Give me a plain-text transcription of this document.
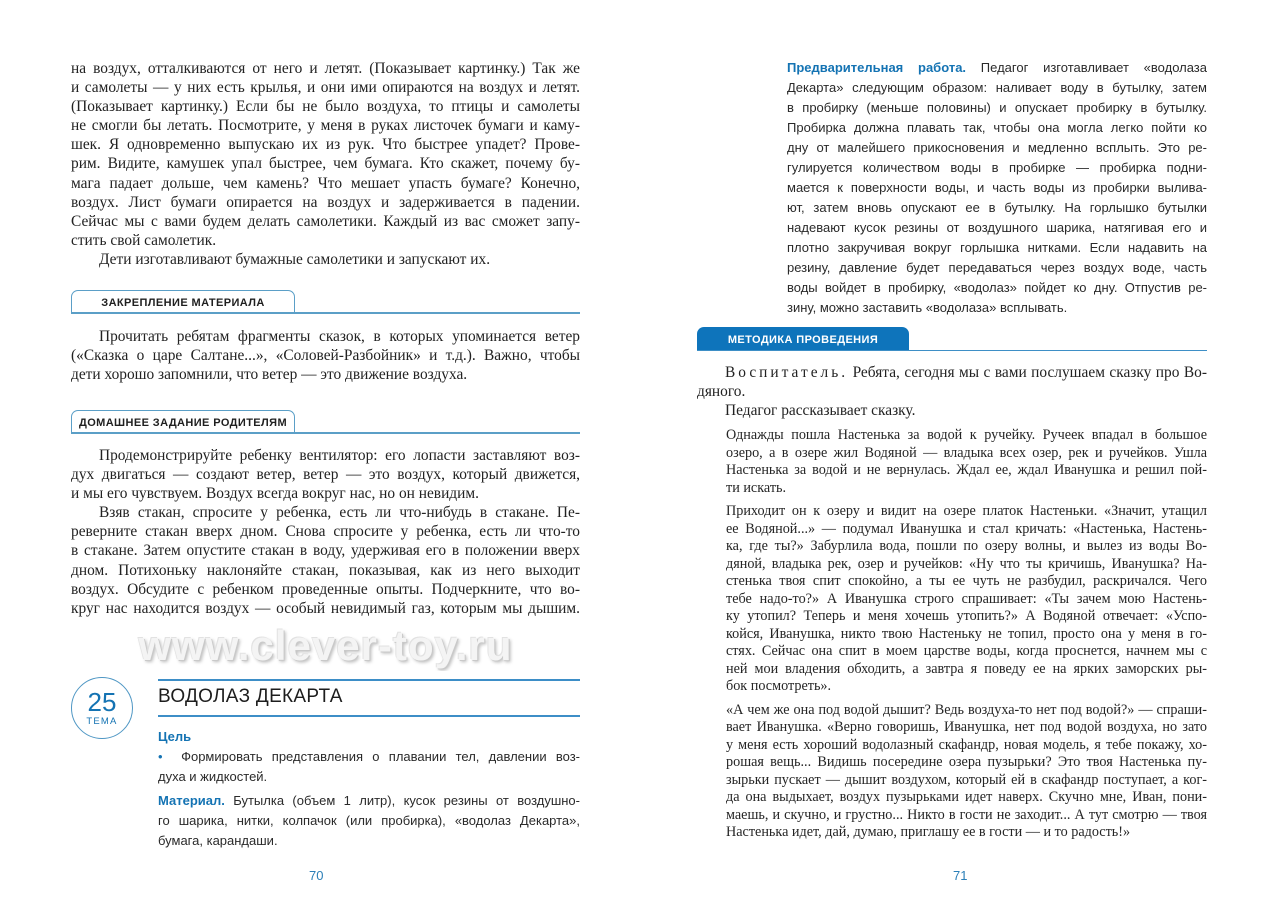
на воздух, отталкиваются от него и летят. (Показывает картинку.) Так же
и самолеты — у них есть крылья, и они ими опираются на воздух и летят.
(Показывает картинку.) Если бы не было воздуха, то птицы и самолеты
не смогли бы летать. Посмотрите, у меня в руках листочек бумаги и каму-
шек. Я одновременно выпускаю их из рук. Что быстрее упадет? Прове-
рим. Видите, камушек упал быстрее, чем бумага. Кто скажет, почему бу-
мага падает дольше, чем камень? Что мешает упасть бумаге? Конечно,
воздух. Лист бумаги опирается на воздух и задерживается в падении.
Сейчас мы с вами будем делать самолетики. Каждый из вас сможет запу-
стить свой самолетик.
Дети изготавливают бумажные самолетики и запускают их.
ЗАКРЕПЛЕНИЕ МАТЕРИАЛА
Прочитать ребятам фрагменты сказок, в которых упоминается ветер
(«Сказка о царе Салтане...», «Соловей-Разбойник» и т.д.). Важно, чтобы
дети хорошо запомнили, что ветер — это движение воздуха.
ДОМАШНЕЕ ЗАДАНИЕ РОДИТЕЛЯМ
Продемонстрируйте ребенку вентилятор: его лопасти заставляют воз-
дух двигаться — создают ветер, ветер — это воздух, который движется,
и мы его чувствуем. Воздух всегда вокруг нас, но он невидим.
Взяв стакан, спросите у ребенка, есть ли что-нибудь в стакане. Пе-
реверните стакан вверх дном. Снова спросите у ребенка, есть ли что-то
в стакане. Затем опустите стакан в воду, удерживая его в положении вверх
дном. Потихоньку наклоняйте стакан, показывая, как из него выходит
воздух. Обсудите с ребенком проведенные опыты. Подчеркните, что во-
круг нас находится воздух — особый невидимый газ, которым мы дышим.
www.clever-toy.ru
25
ТЕМА
ВОДОЛАЗ ДЕКАРТА
Цель
• Формировать представления о плавании тел, давлении воз-
духа и жидкостей.
Материал. Бутылка (объем 1 литр), кусок резины от воздушно-
го шарика, нитки, колпачок (или пробирка), «водолаз Декарта»,
бумага, карандаши.
70
Предварительная работа. Педагог изготавливает «водолаза
Декарта» следующим образом: наливает воду в бутылку, затем
в пробирку (меньше половины) и опускает пробирку в бутылку.
Пробирка должна плавать так, чтобы она могла легко пойти ко
дну от малейшего прикосновения и медленно всплыть. Это ре-
гулируется количеством воды в пробирке — пробирка подни-
мается к поверхности воды, и часть воды из пробирки вылива-
ют, затем вновь опускают ее в бутылку. На горлышко бутылки
надевают кусок резины от воздушного шарика, натягивая его и
плотно закручивая вокруг горлышка нитками. Если надавить на
резину, давление будет передаваться через воздух воде, часть
воды войдет в пробирку, «водолаз» пойдет ко дну. Отпустив ре-
зину, можно заставить «водолаза» всплывать.
МЕТОДИКА ПРОВЕДЕНИЯ
Воспитатель. Ребята, сегодня мы с вами послушаем сказку про Во-
дяного.
Педагог рассказывает сказку.
Однажды пошла Настенька за водой к ручейку. Ручеек впадал в большое
озеро, а в озере жил Водяной — владыка всех озер, рек и ручейков. Ушла
Настенька за водой и не вернулась. Ждал ее, ждал Иванушка и решил пой-
ти искать.
Приходит он к озеру и видит на озере платок Настеньки. «Значит, утащил
ее Водяной...» — подумал Иванушка и стал кричать: «Настенька, Настень-
ка, где ты?» Забурлила вода, пошли по озеру волны, и вылез из воды Во-
дяной, владыка рек, озер и ручейков: «Ну что ты кричишь, Иванушка? На-
стенька твоя спит спокойно, а ты ее чуть не разбудил, раскричался. Чего
тебе надо-то?» А Иванушка строго спрашивает: «Ты зачем мою Настень-
ку утопил? Теперь и меня хочешь утопить?» А Водяной отвечает: «Успо-
койся, Иванушка, никто твою Настеньку не топил, просто она у меня в го-
стях. Сейчас она спит в моем царстве воды, когда проснется, начнем мы с
ней мои владения обходить, а завтра я поведу ее на ярких заморских ры-
бок посмотреть».
«А чем же она под водой дышит? Ведь воздуха-то нет под водой?» — спраши-
вает Иванушка. «Верно говоришь, Иванушка, нет под водой воздуха, но зато
у меня есть хороший водолазный скафандр, новая модель, я тебе покажу, хо-
рошая вещь... Видишь посередине озера пузырьки? Это твоя Настенька пу-
зырьки пускает — дышит воздухом, который ей в скафандр поступает, а ког-
да она выдыхает, воздух пузырьками идет наверх. Скучно мне, Иван, пони-
маешь, и скучно, и грустно... Никто в гости не заходит... А тут смотрю — твоя
Настенька идет, дай, думаю, приглашу ее в гости — и то радость!»
71
